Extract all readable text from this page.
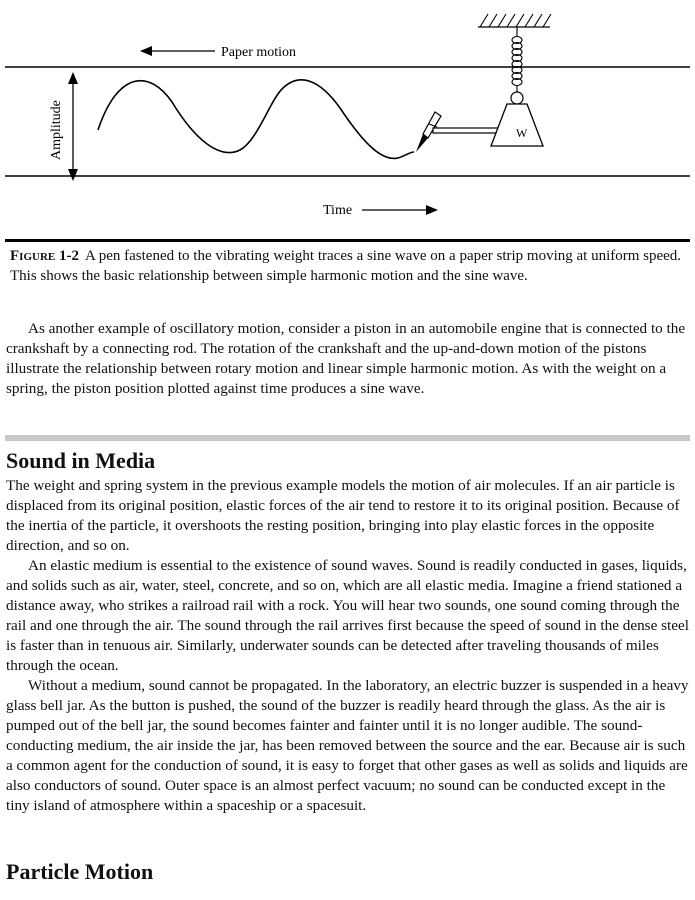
Paper motion
Amplitude
Time
W
Figure 1-2 A pen fastened to the vibrating weight traces a sine wave on a paper strip moving at uniform speed. This shows the basic relationship between simple harmonic motion and the sine wave.

As another example of oscillatory motion, consider a piston in an automobile engine that is connected to the crankshaft by a connecting rod. The rotation of the crankshaft and the up-and-down motion of the pistons illustrate the relationship between rotary motion and linear simple harmonic motion. As with the weight on a spring, the piston position plotted against time produces a sine wave.

Sound in Media

The weight and spring system in the previous example models the motion of air molecules. If an air particle is displaced from its original position, elastic forces of the air tend to restore it to its original position. Because of the inertia of the particle, it overshoots the resting position, bringing into play elastic forces in the opposite direction, and so on.

An elastic medium is essential to the existence of sound waves. Sound is readily conducted in gases, liquids, and solids such as air, water, steel, concrete, and so on, which are all elastic media. Imagine a friend stationed a distance away, who strikes a railroad rail with a rock. You will hear two sounds, one sound coming through the rail and one through the air. The sound through the rail arrives first because the speed of sound in the dense steel is faster than in tenuous air. Similarly, underwater sounds can be detected after traveling thousands of miles through the ocean.

Without a medium, sound cannot be propagated. In the laboratory, an electric buzzer is suspended in a heavy glass bell jar. As the button is pushed, the sound of the buzzer is readily heard through the glass. As the air is pumped out of the bell jar, the sound becomes fainter and fainter until it is no longer audible. The sound-conducting medium, the air inside the jar, has been removed between the source and the ear. Because air is such a common agent for the conduction of sound, it is easy to forget that other gases as well as solids and liquids are also conductors of sound. Outer space is an almost perfect vacuum; no sound can be conducted except in the tiny island of atmosphere within a spaceship or a spacesuit.

Particle Motion
